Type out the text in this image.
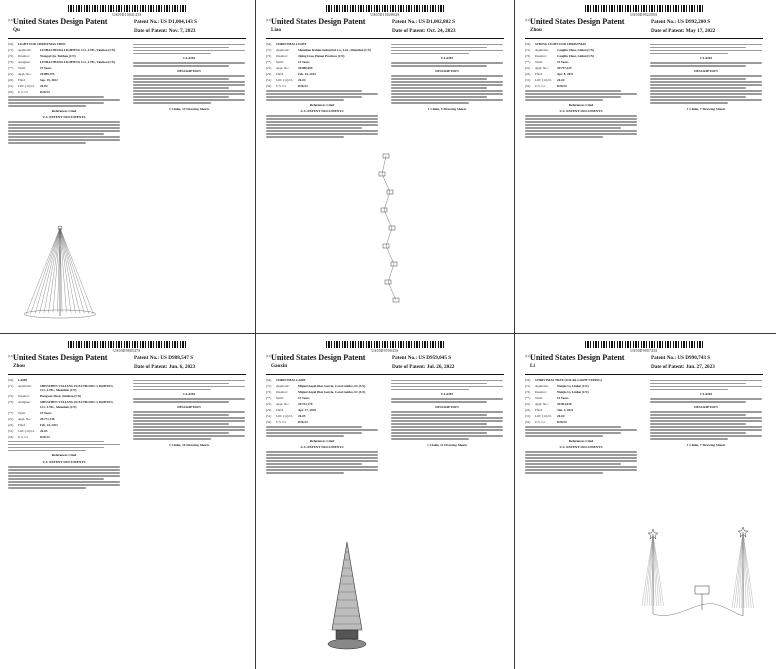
US00D1004143S
(12) United States Design Patent
Qu
Patent No.: US D1,004,143 S
Date of Patent: Nov. 7, 2023
(54)	LIGHT FOR CHRISTMAS TREE
(71)	Applicant:	LINHAI HUIDA LIGHTING CO., LTD., Taizhou (CN)
(72)	Inventor:	Wangqi Qu, Taizhou (CN)
(73)	Assignee:	LINHAI HUIDA LIGHTING CO., LTD., Taizhou (CN)
(**)	Term:	15 Years
(21)	Appl. No.:	29/889,703
(22)	Filed:	Sep. 19, 2022
(51)	LOC (14) Cl.	26-04
(52)	U.S. Cl.	D26/24
References Cited
U.S. PATENT DOCUMENTS
CLAIM
DESCRIPTION
1 Claim, 14 Drawing Sheets
US00D1002802S
(12) United States Design Patent
Liao
Patent No.: US D1,002,802 S
Date of Patent: Oct. 24, 2023
(54)	CHRISTMAS LIGHT
(71)	Applicant:	Shenzhen Kaidee Industrial Co., Ltd., Shenzhen (CN)
(72)	Inventor:	Jiping Liao, Henan Province (CN)
(**)	Term:	15 Years
(21)	Appl. No.:	29/880,099
(22)	Filed:	Feb. 25, 2023
(51)	LOC (14) Cl.	26-04
(52)	U.S. Cl.	D26/24
References Cited
U.S. PATENT DOCUMENTS
CLAIM
DESCRIPTION
1 Claim, 5 Drawing Sheets
US00D992200S
(12) United States Design Patent
Zhou
Patent No.: US D992,200 S
Date of Patent: May 17, 2022
(54)	STRING LIGHT FOR CHRISTMAS
(71)	Applicant:	Canglin Zhou, Linhai (CN)
(72)	Inventor:	Canglin Zhou, Linhai (CN)
(**)	Term:	15 Years
(21)	Appl. No.:	29/757,329
(22)	Filed:	Apr. 8, 2021
(51)	LOC (14) Cl.	26-04
(52)	U.S. Cl.	D26/24
References Cited
U.S. PATENT DOCUMENTS
CLAIM
DESCRIPTION
1 Claim, 7 Drawing Sheets
US00D988547S
(12) United States Design Patent
Zhou
Patent No.: US D988,547 S
Date of Patent: Jun. 6, 2023
(54)	LAMP
(71)	Applicant:	SHENZHEN YULIANG ELECTRONIC LIGHTING CO., LTD., Shenzhen (CN)
(72)	Inventor:	Hongyan Zhou, Xinzhou (CN)
(73)	Assignee:	SHENZHEN YULIANG ELECTRONIC LIGHTING CO., LTD., Shenzhen (CN)
(**)	Term:	15 Years
(21)	Appl. No.:	29/771,746
(22)	Filed:	Feb. 24, 2021
(51)	LOC (14) Cl.	26-05
(52)	U.S. Cl.	D26/24
References Cited
U.S. PATENT DOCUMENTS
CLAIM
DESCRIPTION
1 Claim, 16 Drawing Sheets
US00D959045S
(12) United States Design Patent
Gaoxin
Patent No.: US D959,045 S
Date of Patent: Jul. 26, 2022
(54)	CHRISTMAS LAMP
(71)	Applicant:	Miguel Angel Diaz Garcia, Coral Gables, FL (US)
(72)	Inventor:	Miguel Angel Diaz Garcia, Coral Gables, FL (US)
(**)	Term:	15 Years
(21)	Appl. No.:	29/732,176
(22)	Filed:	Apr. 17, 2020
(51)	LOC (14) Cl.	26-05
(52)	U.S. Cl.	D26/24
References Cited
U.S. PATENT DOCUMENTS
CLAIM
DESCRIPTION
1 Claim, 11 Drawing Sheets
US00D990743S
(12) United States Design Patent
Li
Patent No.: US D990,743 S
Date of Patent: Jun. 27, 2023
(54)	CHRISTMAS TREE (SOLAR LIGHT STRING)
(71)	Applicant:	Wenjie Li, Linhai (CN)
(72)	Inventor:	Wenjie Li, Linhai (CN)
(**)	Term:	15 Years
(21)	Appl. No.:	29/854,028
(22)	Filed:	Jun. 4, 2021
(51)	LOC (14) Cl.	26-04
(52)	U.S. Cl.	D26/24
References Cited
U.S. PATENT DOCUMENTS
CLAIM
DESCRIPTION
1 Claim, 7 Drawing Sheets
